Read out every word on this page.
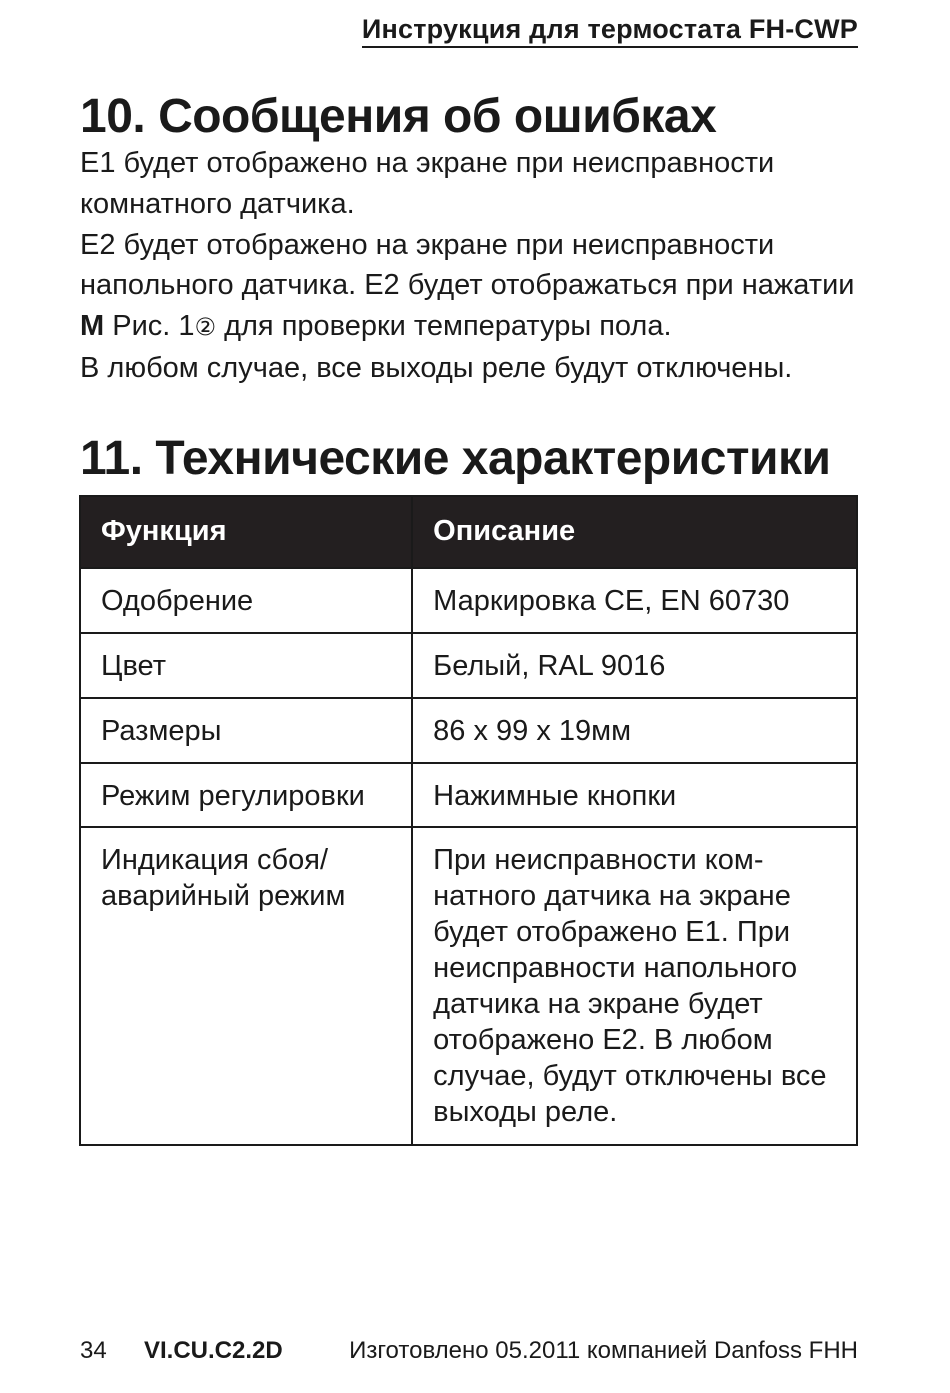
Инструкция для термостата FH-CWP
10. Сообщения об ошибках

E1 будет отображено на экране при неисправности комнатного датчика.

E2 будет отображено на экране при неисправности напольного датчика. E2 будет отображаться при нажатии M Рис. 1② для проверки температуры пола.

В любом случае, все выходы реле будут отключены.

11. Технические характеристики
Функция	Описание
Одобрение	Маркировка CE, EN 60730
Цвет	Белый, RAL 9016
Размеры	86 x 99 x 19мм
Режим регулировки	Нажимные кнопки
Индикация сбоя/ аварийный режим	При неисправности комнатного датчика на экране будет отображено E1. При неисправности напольного датчика на экране будет отображено E2. В любом случае, будут отключены все выходы реле.
34 VI.CU.C2.2D	Изготовлено 05.2011 компанией Danfoss FHH
